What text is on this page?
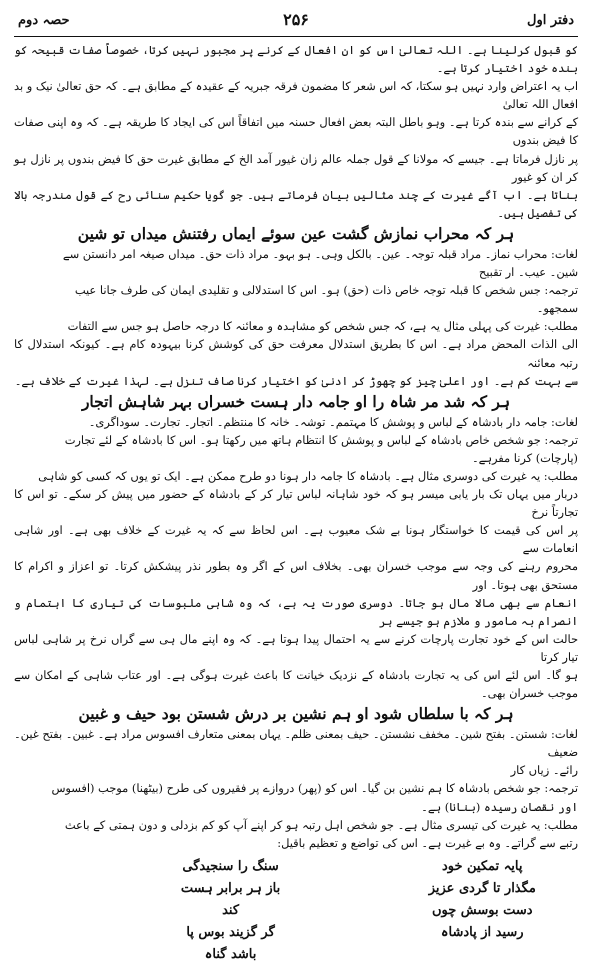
حصہ دوم	۲۵۶	دفتر اول

کو قبول کرلینا ہے۔ اللہ تعالیٰ اس کو ان افعال کے کرنے پر مجبور نہیں کرتا، خصوصاً صفات قبیحہ کو بندہ خود اختیار کرتا ہے۔

اب یہ اعتراض وارد نہیں ہو سکتا، کہ اس شعر کا مضمون فرقہ جبریہ کے عقیدہ کے مطابق ہے۔ کہ حق تعالیٰ نیک و بد افعال اللہ تعالیٰ

کے کرانے سے بندہ کرتا ہے۔ وہو باطل البتہ بعض افعال حسنہ میں اتفاقاً اس کی ایجاد کا طریقہ ہے۔ کہ وہ اپنی صفات کا فیض بندوں

پر نازل فرماتا ہے۔ جیسے کہ مولانا کے قول جملہ عالم زان غیور آمد الخ کے مطابق غیرت حق کا فیض بندوں پر نازل ہو کر ان کو غیور

بناتا ہے۔ اب آگے غیرت کے چند مثالیں بیان فرماتے ہیں۔ جو گویا حکیم سنائی رح کے قول مندرجہ بالا کی تفصیل ہیں۔

ہر کہ محراب نمازش گشت عین سوئے ایماں رفتنش میداں تو شین

لغات: محراب نماز۔ مراد قبلہ توجہ۔ عین۔ بالکل وہی۔ ہو بہو۔ مراد ذات حق۔ میداں صیغہ امر دانستن سے

شین۔ عیب۔ ار تقبیح

ترجمہ: جس شخص کا قبلہ توجہ خاص ذات (حق) ہو۔ اس کا استدلالی و تقلیدی ایمان کی طرف جانا عیب

سمجھو۔

مطلب: غیرت کی پہلی مثال یہ ہے، کہ جس شخص کو مشاہدہ و معائنہ کا درجہ حاصل ہو جس سے التفات

الی الذات المحض مراد ہے۔ اس کا بطریق استدلال معرفت حق کی کوشش کرنا بیہودہ کام ہے۔ کیونکہ استدلال کا رتبہ معائنہ

سے بہت کم ہے۔ اور اعلیٰ چیز کو چھوڑ کر ادنیٰ کو اختیار کرنا صاف تنزل ہے۔ لہذا غیرت کے خلاف ہے۔

ہر کہ شد مر شاہ را او جامہ دار ہست خسراں بہر شاہش اتجار

لغات: جامہ دار بادشاہ کے لباس و پوشش کا مہتمم۔ توشہ۔ خانہ کا منتظم۔ اتجار۔ تجارت۔ سوداگری۔

ترجمہ: جو شخص خاص بادشاہ کے لباس و پوشش کا انتظام ہاتھ میں رکھتا ہو۔ اس کا بادشاہ کے لئے تجارت

(پارچات) کرنا مفرہے۔

مطلب: یہ غیرت کی دوسری مثال ہے۔ بادشاہ کا جامہ دار ہونا دو طرح ممکن ہے۔ ایک تو یوں کہ کسی کو شاہی

دربار میں یہاں تک بار یابی میسر ہو کہ خود شاہانہ لباس تیار کر کے بادشاہ کے حضور میں پیش کر سکے۔ تو اس کا تجارتاً نرخ

پر اس کی قیمت کا خواستگار ہونا بے شک معیوب ہے۔ اس لحاظ سے کہ یہ غیرت کے خلاف بھی ہے۔ اور شاہی انعامات سے

محروم رہنے کی وجہ سے موجب خسران بھی۔ بخلاف اس کے اگر وہ بطور نذر پیشکش کرتا۔ تو اعزاز و اکرام کا مستحق بھی ہوتا۔ اور

انعام سے بھی مالا مال ہو جاتا۔ دوسری صورت یہ ہے، کہ وہ شاہی ملبوسات کی تیاری کا اہتمام و انصرام بہ مامور و ملازم ہو جیسے ہر

حالت اس کے خود تجارت پارچات کرنے سے یہ احتمال پیدا ہوتا ہے۔ کہ وہ اپنے مال ہی سے گراں نرخ پر شاہی لباس تیار کرتا

ہو گا۔ اس لئے اس کی یہ تجارت بادشاہ کے نزدیک خیانت کا باعث غیرت ہوگی ہے۔ اور عتاب شاہی کے امکان سے موجب خسران بھی۔

ہر کہ با سلطاں شود او ہم نشین بر درش شستن بود حیف و غبین

لغات: شستن۔ بفتح شین۔ مخفف نشستن۔ حیف بمعنی ظلم۔ یہاں بمعنی متعارف افسوس مراد ہے۔ غبین۔ بفتح غین۔ ضعیف

رائے۔ زیاں کار

ترجمہ: جو شخص بادشاہ کا ہم نشین بن گیا۔ اس کو (پھر) دروازے پر فقیروں کی طرح (بیٹھنا) موجب (افسوس

اور نقصان رسیدہ (بنانا) ہے۔

مطلب: یہ غیرت کی تیسری مثال ہے۔ جو شخص اہل رتبہ ہو کر اپنے آپ کو کم بزدلی و دون ہمتی کے باعث

رتبے سے گراتے۔ وہ بے غیرت ہے۔ اس کی تواضع و تعظیم باقیل:

پایہ تمکین خود مگذار تا گردی عزیز
دست بوسش چوں رسید از پادشاہ
سنگ را سنجیدگی باز ہر برابر ہست کند
گر گزیند بوس پا باشد گناہ
